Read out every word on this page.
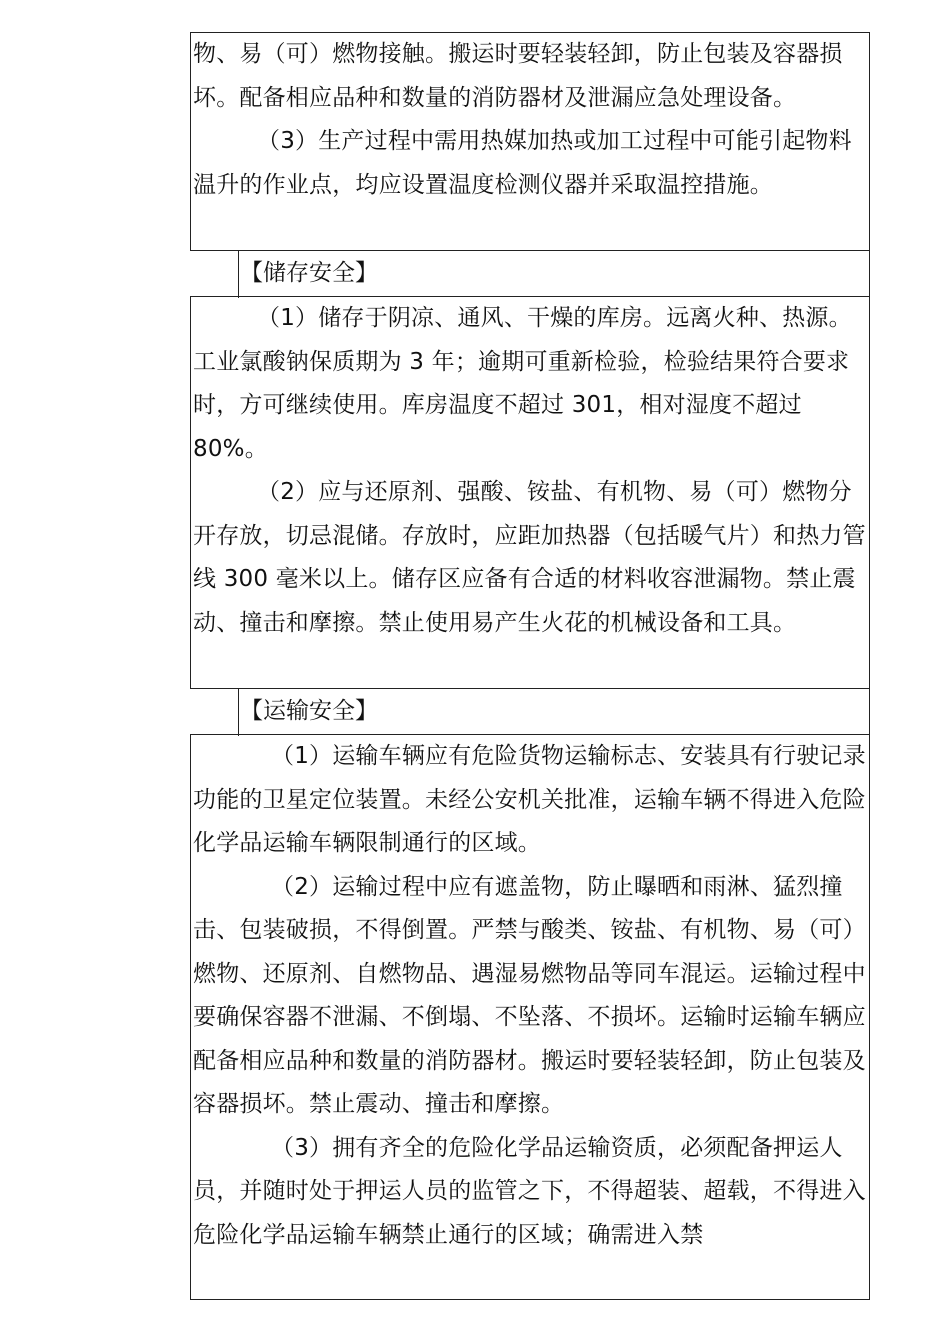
物、易（可）燃物接触。搬运时要轻装轻卸，防止包装及容器损坏。配备相应品种和数量的消防器材及泄漏应急处理设备。

（3）生产过程中需用热媒加热或加工过程中可能引起物料温升的作业点，均应设置温度检测仪器并采取温控措施。

【储存安全】

（1）储存于阴凉、通风、干燥的库房。远离火种、热源。工业氯酸钠保质期为 3 年；逾期可重新检验，检验结果符合要求时，方可继续使用。库房温度不超过 301，相对湿度不超过 80%。

（2）应与还原剂、强酸、铵盐、有机物、易（可）燃物分开存放，切忌混储。存放时，应距加热器（包括暖气片）和热力管线 300 毫米以上。储存区应备有合适的材料收容泄漏物。禁止震动、撞击和摩擦。禁止使用易产生火花的机械设备和工具。

【运输安全】

（1）运输车辆应有危险货物运输标志、安装具有行驶记录功能的卫星定位装置。未经公安机关批准，运输车辆不得进入危险化学品运输车辆限制通行的区域。

（2）运输过程中应有遮盖物，防止曝晒和雨淋、猛烈撞击、包装破损，不得倒置。严禁与酸类、铵盐、有机物、易（可）燃物、还原剂、自燃物品、遇湿易燃物品等同车混运。运输过程中要确保容器不泄漏、不倒塌、不坠落、不损坏。运输时运输车辆应配备相应品种和数量的消防器材。搬运时要轻装轻卸，防止包装及容器损坏。禁止震动、撞击和摩擦。

（3）拥有齐全的危险化学品运输资质，必须配备押运人员，并随时处于押运人员的监管之下，不得超装、超载，不得进入危险化学品运输车辆禁止通行的区域；确需进入禁
